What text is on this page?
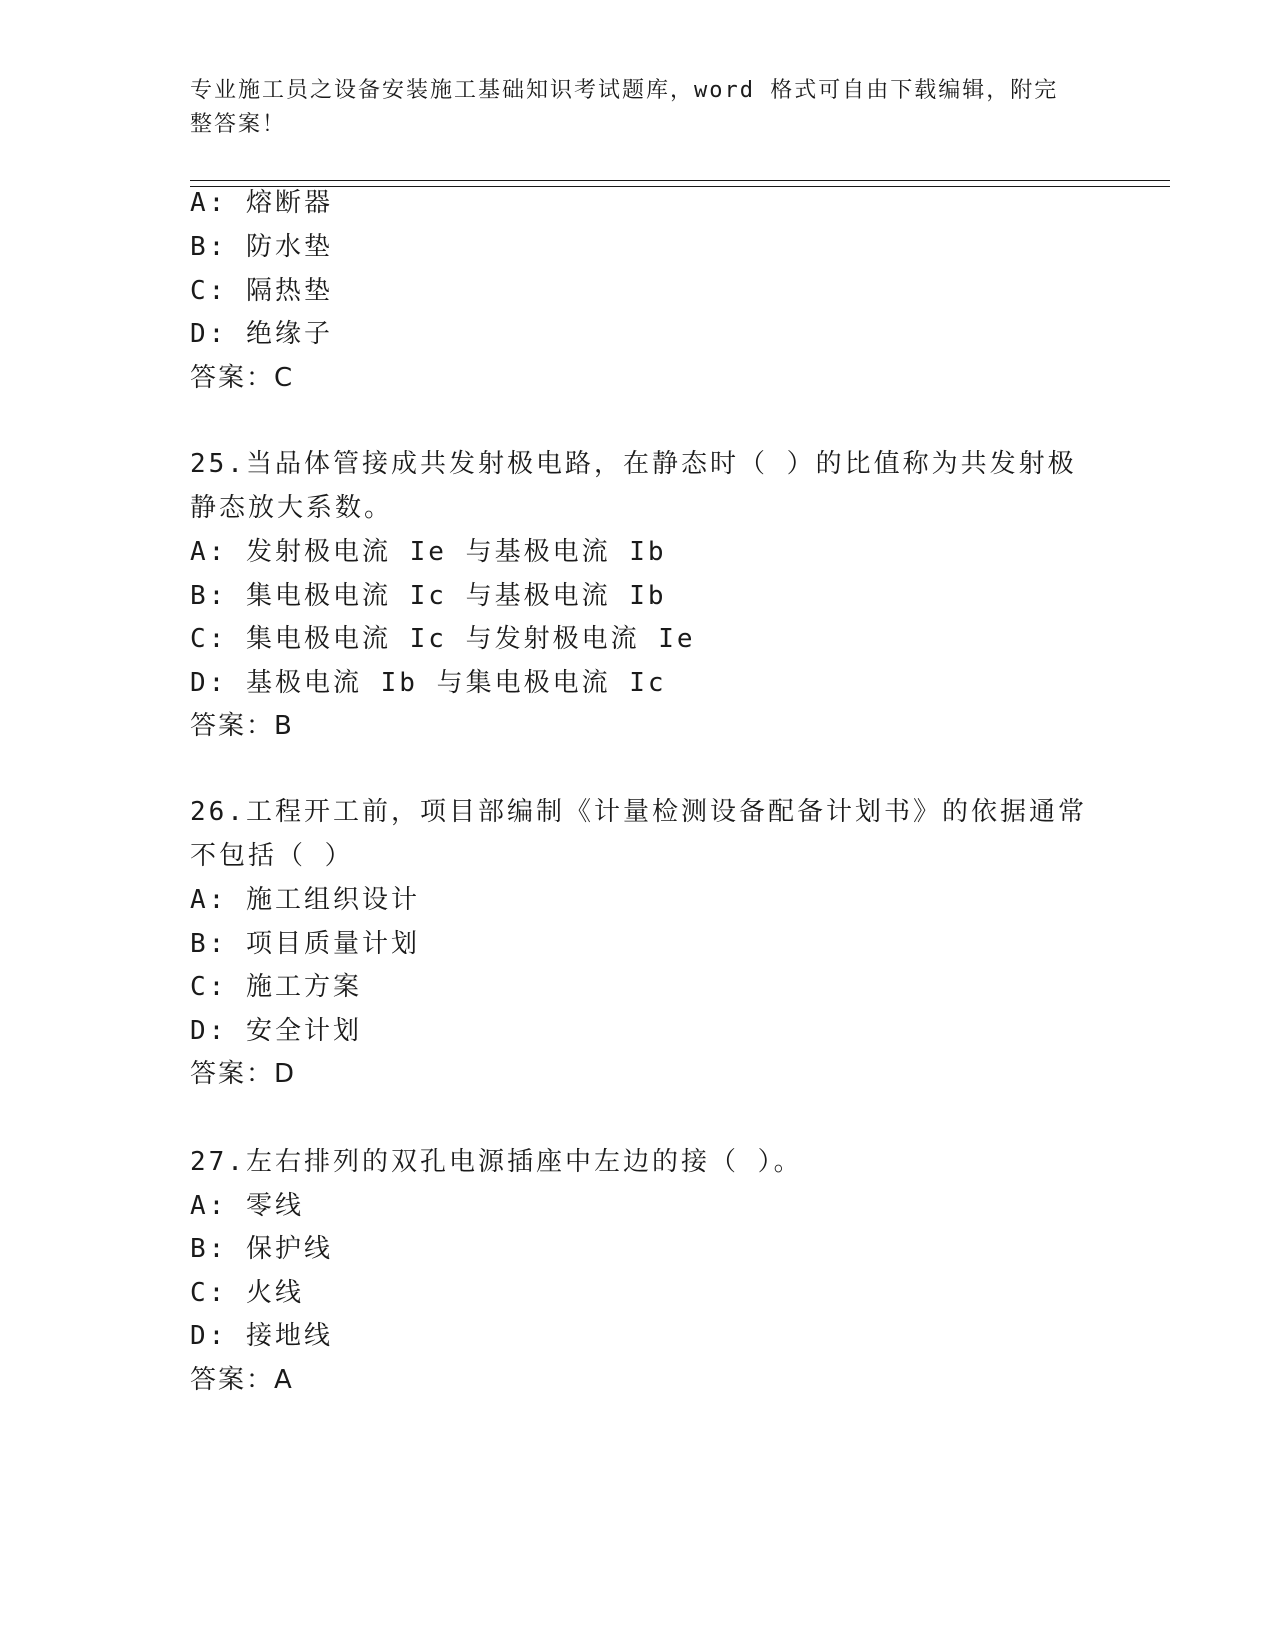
专业施工员之设备安装施工基础知识考试题库，word 格式可自由下载编辑，附完
整答案！
A: 熔断器
B: 防水垫
C: 隔热垫
D: 绝缘子
答案：C
25.当品体管接成共发射极电路，在静态时（ ）的比值称为共发射极
静态放大系数。
A: 发射极电流 Ie 与基极电流 Ib
B: 集电极电流 Ic 与基极电流 Ib
C: 集电极电流 Ic 与发射极电流 Ie
D: 基极电流 Ib 与集电极电流 Ic
答案：B
26.工程开工前，项目部编制《计量检测设备配备计划书》的依据通常
不包括（ ）
A: 施工组织设计
B: 项目质量计划
C: 施工方案
D: 安全计划
答案：D
27.左右排列的双孔电源插座中左边的接（ ）。
A: 零线
B: 保护线
C: 火线
D: 接地线
答案：A
